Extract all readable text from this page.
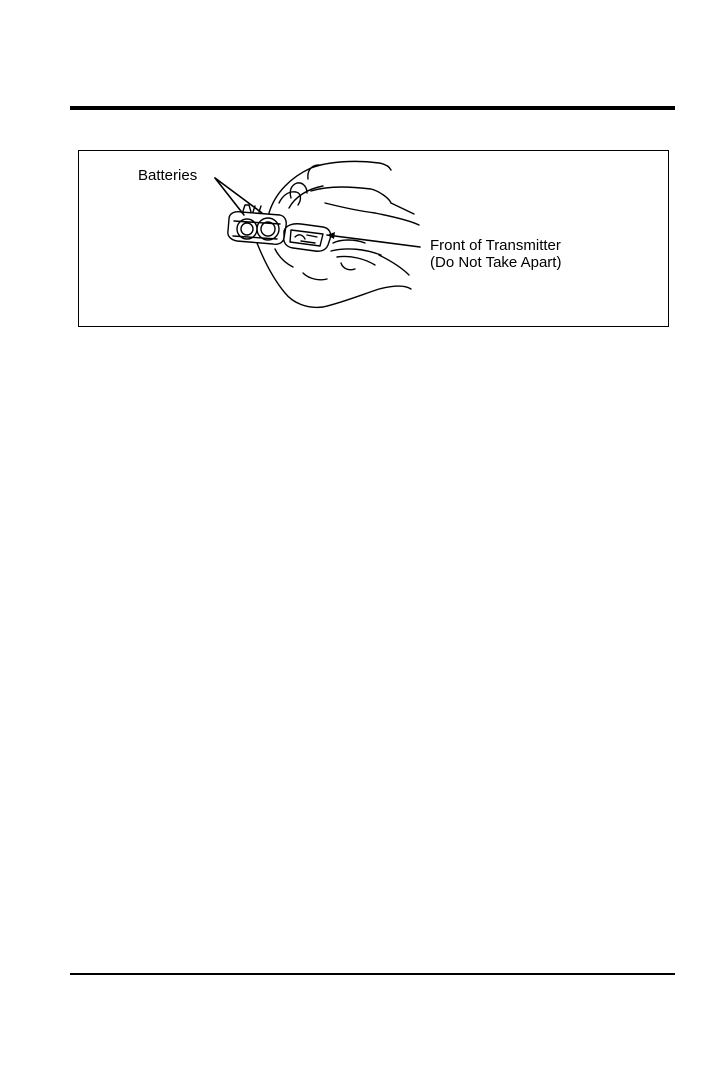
Batteries
Front of Transmitter
(Do Not Take Apart)
